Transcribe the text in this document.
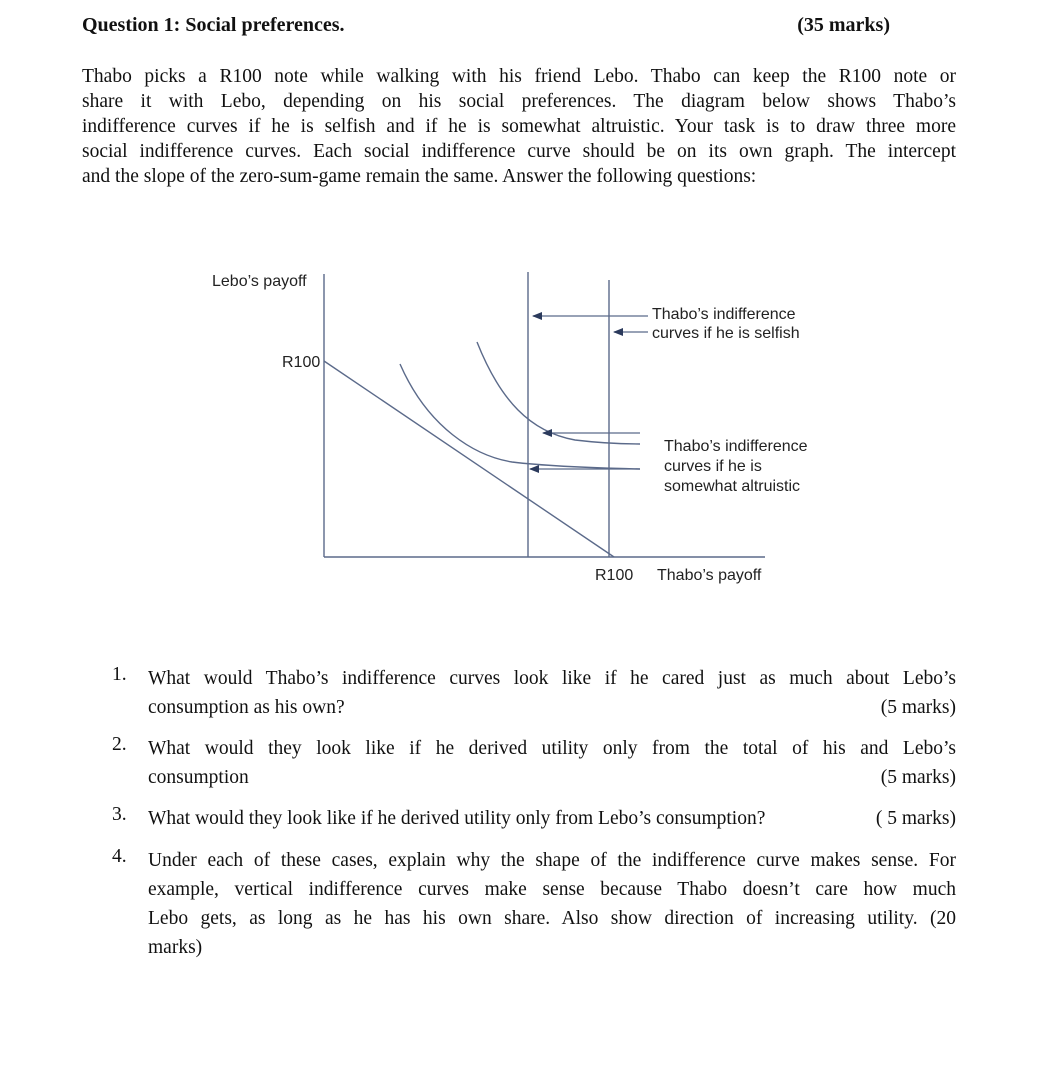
Question 1: Social preferences.	(35 marks)
Thabo picks a R100 note while walking with his friend Lebo. Thabo can keep the R100 note or
share it with Lebo, depending on his social preferences. The diagram below shows Thabo’s
indifference curves if he is selfish and if he is somewhat altruistic. Your task is to draw three more
social indifference curves. Each social indifference curve should be on its own graph. The intercept
and the slope of the zero-sum-game remain the same. Answer the following questions:
Lebo’s payoff
R100
R100 Thabo’s payoff
Thabo’s indifference
curves if he is selfish
Thabo’s indifference
curves if he is
somewhat altruistic
1. What would Thabo’s indifference curves look like if he cared just as much about Lebo’s
consumption as his own?	(5 marks)
2. What would they look like if he derived utility only from the total of his and Lebo’s
consumption	(5 marks)
3. What would they look like if he derived utility only from Lebo’s consumption?	( 5 marks)
4. Under each of these cases, explain why the shape of the indifference curve makes sense. For
example, vertical indifference curves make sense because Thabo doesn’t care how much
Lebo gets, as long as he has his own share. Also show direction of increasing utility. (20
marks)
